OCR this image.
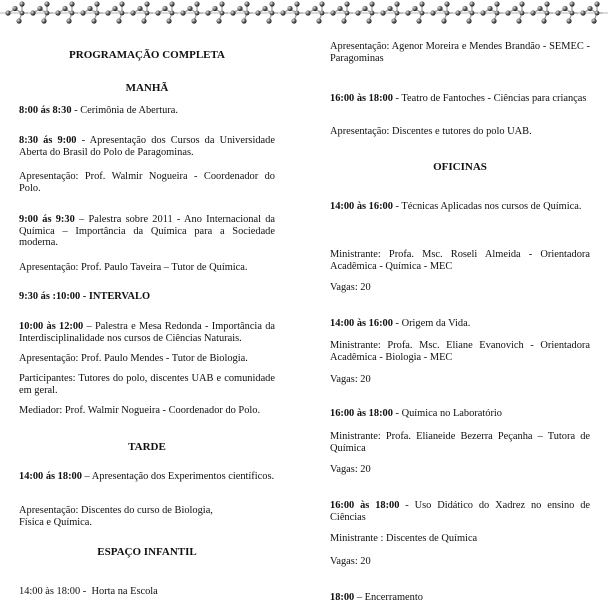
PROGRAMAÇÃO COMPLETA

MANHÃ

8:00 ás 8:30 - Cerimônia de Abertura.

8:30 ás 9:00 - Apresentação dos Cursos da Universidade Aberta do Brasil do Polo de Paragominas.

Apresentação: Prof. Walmir Nogueira - Coordenador do Polo.

9:00 ás 9:30 – Palestra sobre 2011 - Ano Internacional da Química – Importância da Química para a Sociedade moderna.

Apresentação: Prof. Paulo Taveira – Tutor de Química.

9:30 ás :10:00 - INTERVALO

10:00 às 12:00 – Palestra e Mesa Redonda - Importância da Interdisciplinalidade nos cursos de Ciências Naturais.

Apresentação: Prof. Paulo Mendes - Tutor de Biologia.

Participantes: Tutores do polo, discentes UAB e comunidade em geral.

Mediador: Prof. Walmir Nogueira - Coordenador do Polo.

TARDE

14:00 ás 18:00 – Apresentação dos Experimentos científicos.

Apresentação: Discentes do curso de Biologia,
Física e Química.

ESPAÇO INFANTIL

14:00 às 18:00 -  Horta na Escola

Apresentação: Agenor Moreira e Mendes Brandão - SEMEC - Paragominas

16:00 às 18:00 - Teatro de Fantoches - Ciências para crianças

Apresentação: Discentes e tutores do polo UAB.

OFICINAS

14:00 às 16:00 - Técnicas Aplicadas nos cursos de Química.

Ministrante: Profa. Msc. Roseli Almeida - Orientadora Acadêmica - Química - MEC

Vagas: 20

14:00 às 16:00 - Origem da Vida.

Ministrante: Profa. Msc. Eliane Evanovich - Orientadora Acadêmica - Biologia - MEC

Vagas: 20

16:00 às 18:00 - Química no Laboratório

Ministrante: Profa. Elianeide Bezerra Peçanha – Tutora de Química

Vagas: 20

16:00 às 18:00 - Uso Didático do Xadrez no ensino de Ciências

Ministrante : Discentes de Química

Vagas: 20

18:00 – Encerramento
